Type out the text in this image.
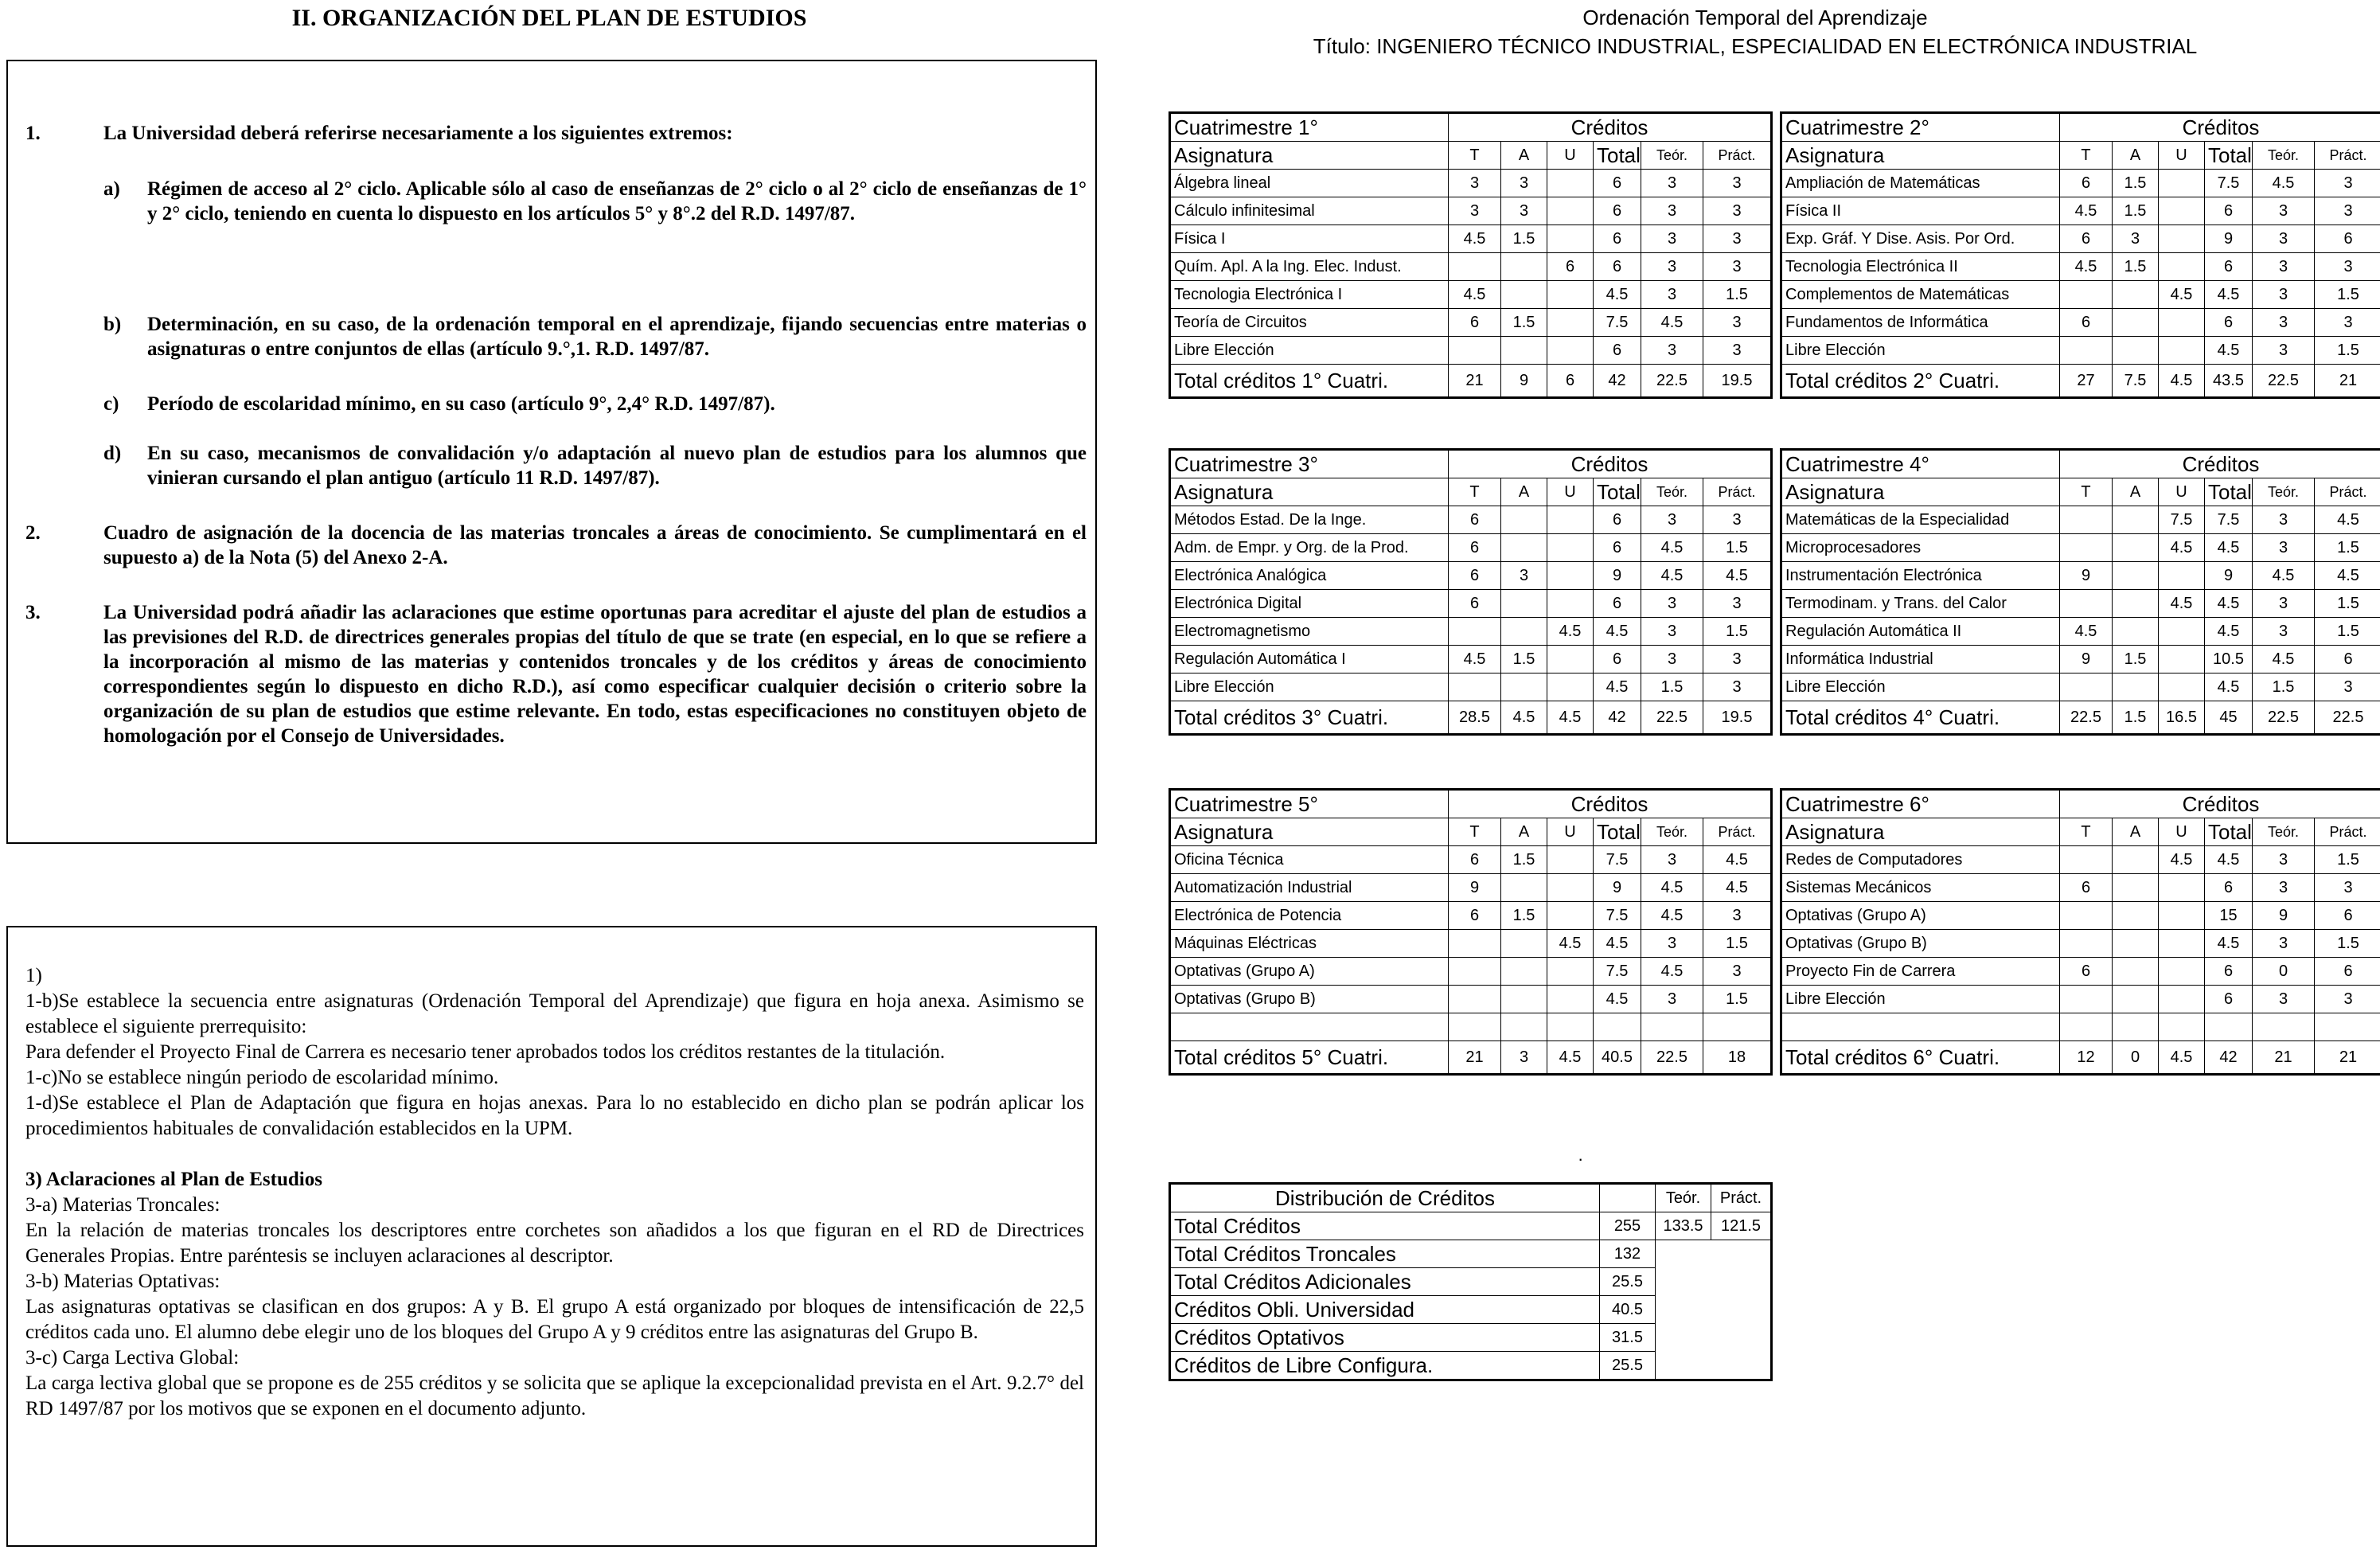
II. ORGANIZACIÓN DEL PLAN DE ESTUDIOS
1.	La Universidad deberá referirse necesariamente a los siguientes extremos:
a)	Régimen de acceso al 2° ciclo. Aplicable sólo al caso de enseñanzas de 2° ciclo o al 2° ciclo de enseñanzas de 1° y 2° ciclo, teniendo en cuenta lo dispuesto en los artículos 5° y 8°.2 del R.D. 1497/87.
b)	Determinación, en su caso, de la ordenación temporal en el aprendizaje, fijando secuencias entre materias o asignaturas o entre conjuntos de ellas (artículo 9.°,1. R.D. 1497/87.
c)	Período de escolaridad mínimo, en su caso (artículo 9°, 2,4° R.D. 1497/87).
d)	En su caso, mecanismos de convalidación y/o adaptación al nuevo plan de estudios para los alumnos que vinieran cursando el plan antiguo (artículo 11 R.D. 1497/87).
2.	Cuadro de asignación de la docencia de las materias troncales a áreas de conocimiento. Se cumplimentará en el supuesto a) de la Nota (5) del Anexo 2-A.
3.	La Universidad podrá añadir las aclaraciones que estime oportunas para acreditar el ajuste del plan de estudios a las previsiones del R.D. de directrices generales propias del título de que se trate (en especial, en lo que se refiere a la incorporación al mismo de las materias y contenidos troncales y de los créditos y áreas de conocimiento correspondientes según lo dispuesto en dicho R.D.), así como especificar cualquier decisión o criterio sobre la organización de su plan de estudios que estime relevante. En todo, estas especificaciones no constituyen objeto de homologación por el Consejo de Universidades.

1)

1-b)Se establece la secuencia entre asignaturas (Ordenación Temporal del Aprendizaje) que figura en hoja anexa. Asimismo se establece el siguiente prerrequisito:

Para defender el Proyecto Final de Carrera es necesario tener aprobados todos los créditos restantes de la titulación.

1-c)No se establece ningún periodo de escolaridad mínimo.

1-d)Se establece el Plan de Adaptación que figura en hojas anexas. Para lo no establecido en dicho plan se podrán aplicar los procedimientos habituales de convalidación establecidos en la UPM.

3) Aclaraciones al Plan de Estudios

3-a) Materias Troncales:

En la relación de materias troncales los descriptores entre corchetes son añadidos a los que figuran en el RD de Directrices Generales Propias. Entre paréntesis se incluyen aclaraciones al descriptor.

3-b) Materias Optativas:

Las asignaturas optativas se clasifican en dos grupos: A y B. El grupo A está organizado por bloques de intensificación de 22,5 créditos cada uno. El alumno debe elegir uno de los bloques del Grupo A y 9 créditos entre las asignaturas del Grupo B.

3-c) Carga Lectiva Global:

La carga lectiva global que se propone es de 255 créditos y se solicita que se aplique la excepcionalidad prevista en el Art. 9.2.7° del RD 1497/87 por los motivos que se exponen en el documento adjunto.

Ordenación Temporal del Aprendizaje
Título: INGENIERO TÉCNICO INDUSTRIAL, ESPECIALIDAD EN ELECTRÓNICA INDUSTRIAL
Cuatrimestre 1°	Créditos					
Asignatura	T	A	U	Total	Teór.	Práct.
Álgebra lineal	3	3		6	3	3
Cálculo infinitesimal	3	3		6	3	3
Física I	4.5	1.5		6	3	3
Quím. Apl. A la Ing. Elec. Indust.			6	6	3	3
Tecnologia Electrónica I	4.5			4.5	3	1.5
Teoría de Circuitos	6	1.5		7.5	4.5	3
Libre Elección				6	3	3
Total créditos 1° Cuatri.	21	9	6	42	22.5	19.5
Cuatrimestre 2°	Créditos					
Asignatura	T	A	U	Total	Teór.	Práct.
Ampliación de Matemáticas	6	1.5		7.5	4.5	3
Física II	4.5	1.5		6	3	3
Exp. Gráf. Y Dise. Asis. Por Ord.	6	3		9	3	6
Tecnologia Electrónica II	4.5	1.5		6	3	3
Complementos de Matemáticas			4.5	4.5	3	1.5
Fundamentos de Informática	6			6	3	3
Libre Elección				4.5	3	1.5
Total créditos 2° Cuatri.	27	7.5	4.5	43.5	22.5	21
Cuatrimestre 3°	Créditos					
Asignatura	T	A	U	Total	Teór.	Práct.
Métodos Estad. De la Inge.	6			6	3	3
Adm. de Empr. y Org. de la Prod.	6			6	4.5	1.5
Electrónica Analógica	6	3		9	4.5	4.5
Electrónica Digital	6			6	3	3
Electromagnetismo			4.5	4.5	3	1.5
Regulación Automática I	4.5	1.5		6	3	3
Libre Elección				4.5	1.5	3
Total créditos 3° Cuatri.	28.5	4.5	4.5	42	22.5	19.5
Cuatrimestre 4°	Créditos					
Asignatura	T	A	U	Total	Teór.	Práct.
Matemáticas de la Especialidad			7.5	7.5	3	4.5
Microprocesadores			4.5	4.5	3	1.5
Instrumentación Electrónica	9			9	4.5	4.5
Termodinam. y Trans. del Calor			4.5	4.5	3	1.5
Regulación Automática II	4.5			4.5	3	1.5
Informática Industrial	9	1.5		10.5	4.5	6
Libre Elección				4.5	1.5	3
Total créditos 4° Cuatri.	22.5	1.5	16.5	45	22.5	22.5
Cuatrimestre 5°	Créditos					
Asignatura	T	A	U	Total	Teór.	Práct.
Oficina Técnica	6	1.5		7.5	3	4.5
Automatización Industrial	9			9	4.5	4.5
Electrónica de Potencia	6	1.5		7.5	4.5	3
Máquinas Eléctricas			4.5	4.5	3	1.5
Optativas (Grupo A)				7.5	4.5	3
Optativas (Grupo B)				4.5	3	1.5

Total créditos 5° Cuatri.	21	3	4.5	40.5	22.5	18
Cuatrimestre 6°	Créditos					
Asignatura	T	A	U	Total	Teór.	Práct.
Redes de Computadores			4.5	4.5	3	1.5
Sistemas Mecánicos	6			6	3	3
Optativas (Grupo A)				15	9	6
Optativas (Grupo B)				4.5	3	1.5
Proyecto Fin de Carrera	6			6	0	6
Libre Elección				6	3	3

Total créditos 6° Cuatri.	12	0	4.5	42	21	21
Distribución de Créditos		Teór.	Práct.
Total Créditos	255	133.5	121.5
Total Créditos Troncales	132		
Total Créditos Adicionales	25.5		
Créditos Obli. Universidad	40.5		
Créditos Optativos	31.5		
Créditos de Libre Configura.	25.5		
·
